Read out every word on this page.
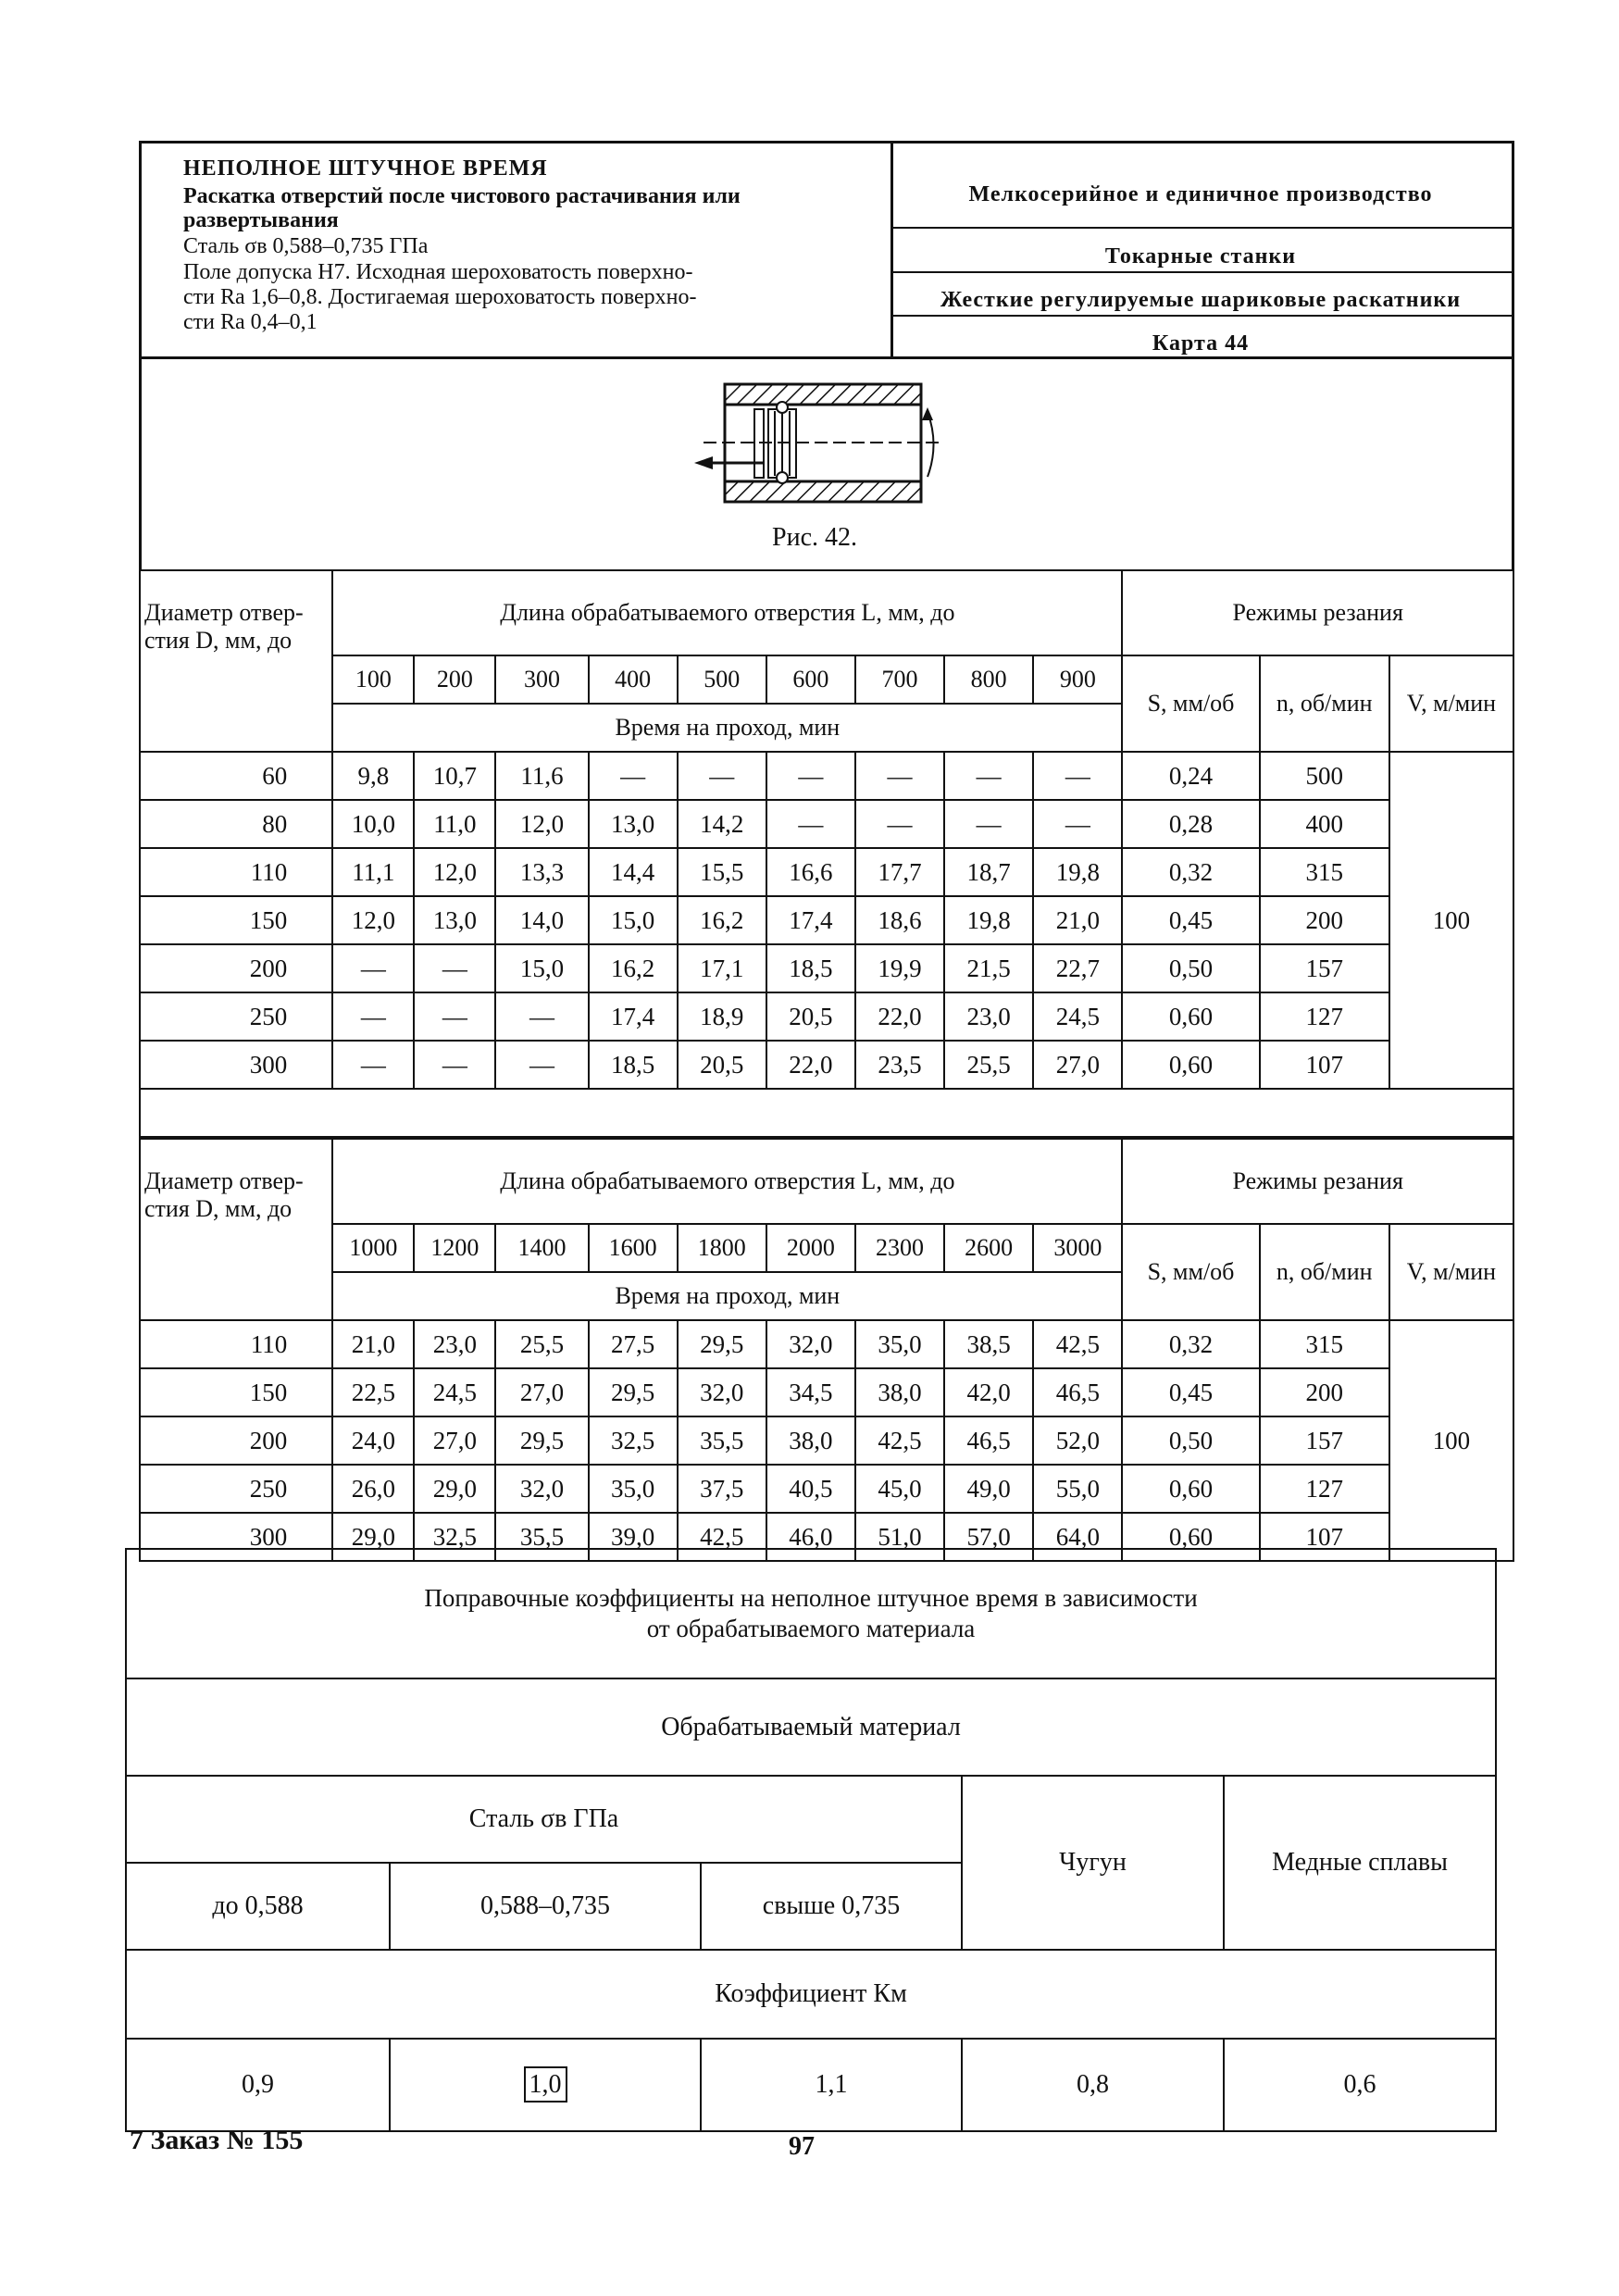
НЕПОЛНОЕ ШТУЧНОЕ ВРЕМЯ
Раскатка отверстий после чистового растачивания или
развертывания
Сталь σв 0,588–0,735 ГПа
Поле допуска Н7. Исходная шероховатость поверхно-
сти Ra 1,6–0,8. Достигаемая шероховатость поверхно-
сти Ra 0,4–0,1
Мелкосерийное и единичное производство
Токарные станки
Жесткие регулируемые шариковые раскатники
Карта 44
Рис. 42.
Диаметр отвер-
стия D, мм, до	Длина обрабатываемого отверстия L, мм, до									Режимы резания		
	100	200	300	400	500	600	700	800	900	S, мм/об	n, об/мин	V, м/мин
	Время на проход, мин											
60	9,8	10,7	11,6	—	—	—	—	—	—	0,24	500	100
80	10,0	11,0	12,0	13,0	14,2	—	—	—	—	0,28	400	
110	11,1	12,0	13,3	14,4	15,5	16,6	17,7	18,7	19,8	0,32	315	
150	12,0	13,0	14,0	15,0	16,2	17,4	18,6	19,8	21,0	0,45	200	
200	—	—	15,0	16,2	17,1	18,5	19,9	21,5	22,7	0,50	157	
250	—	—	—	17,4	18,9	20,5	22,0	23,0	24,5	0,60	127	
300	—	—	—	18,5	20,5	22,0	23,5	25,5	27,0	0,60	107	

Диаметр отвер-
стия D, мм, до	Длина обрабатываемого отверстия L, мм, до									Режимы резания		
	1000	1200	1400	1600	1800	2000	2300	2600	3000	S, мм/об	n, об/мин	V, м/мин
	Время на проход, мин											
110	21,0	23,0	25,5	27,5	29,5	32,0	35,0	38,5	42,5	0,32	315	100
150	22,5	24,5	27,0	29,5	32,0	34,5	38,0	42,0	46,5	0,45	200	
200	24,0	27,0	29,5	32,5	35,5	38,0	42,5	46,5	52,0	0,50	157	
250	26,0	29,0	32,0	35,0	37,5	40,5	45,0	49,0	55,0	0,60	127	
300	29,0	32,5	35,5	39,0	42,5	46,0	51,0	57,0	64,0	0,60	107	
Поправочные коэффициенты на неполное штучное время в зависимости
от обрабатываемого материала				

Обрабатываемый материал				
Сталь σв ГПа			Чугун	Медные сплавы
до 0,588	0,588–0,735	свыше 0,735		
Коэффициент Км				
0,9	1,0	1,1	0,8	0,6
7 Заказ № 155	97
